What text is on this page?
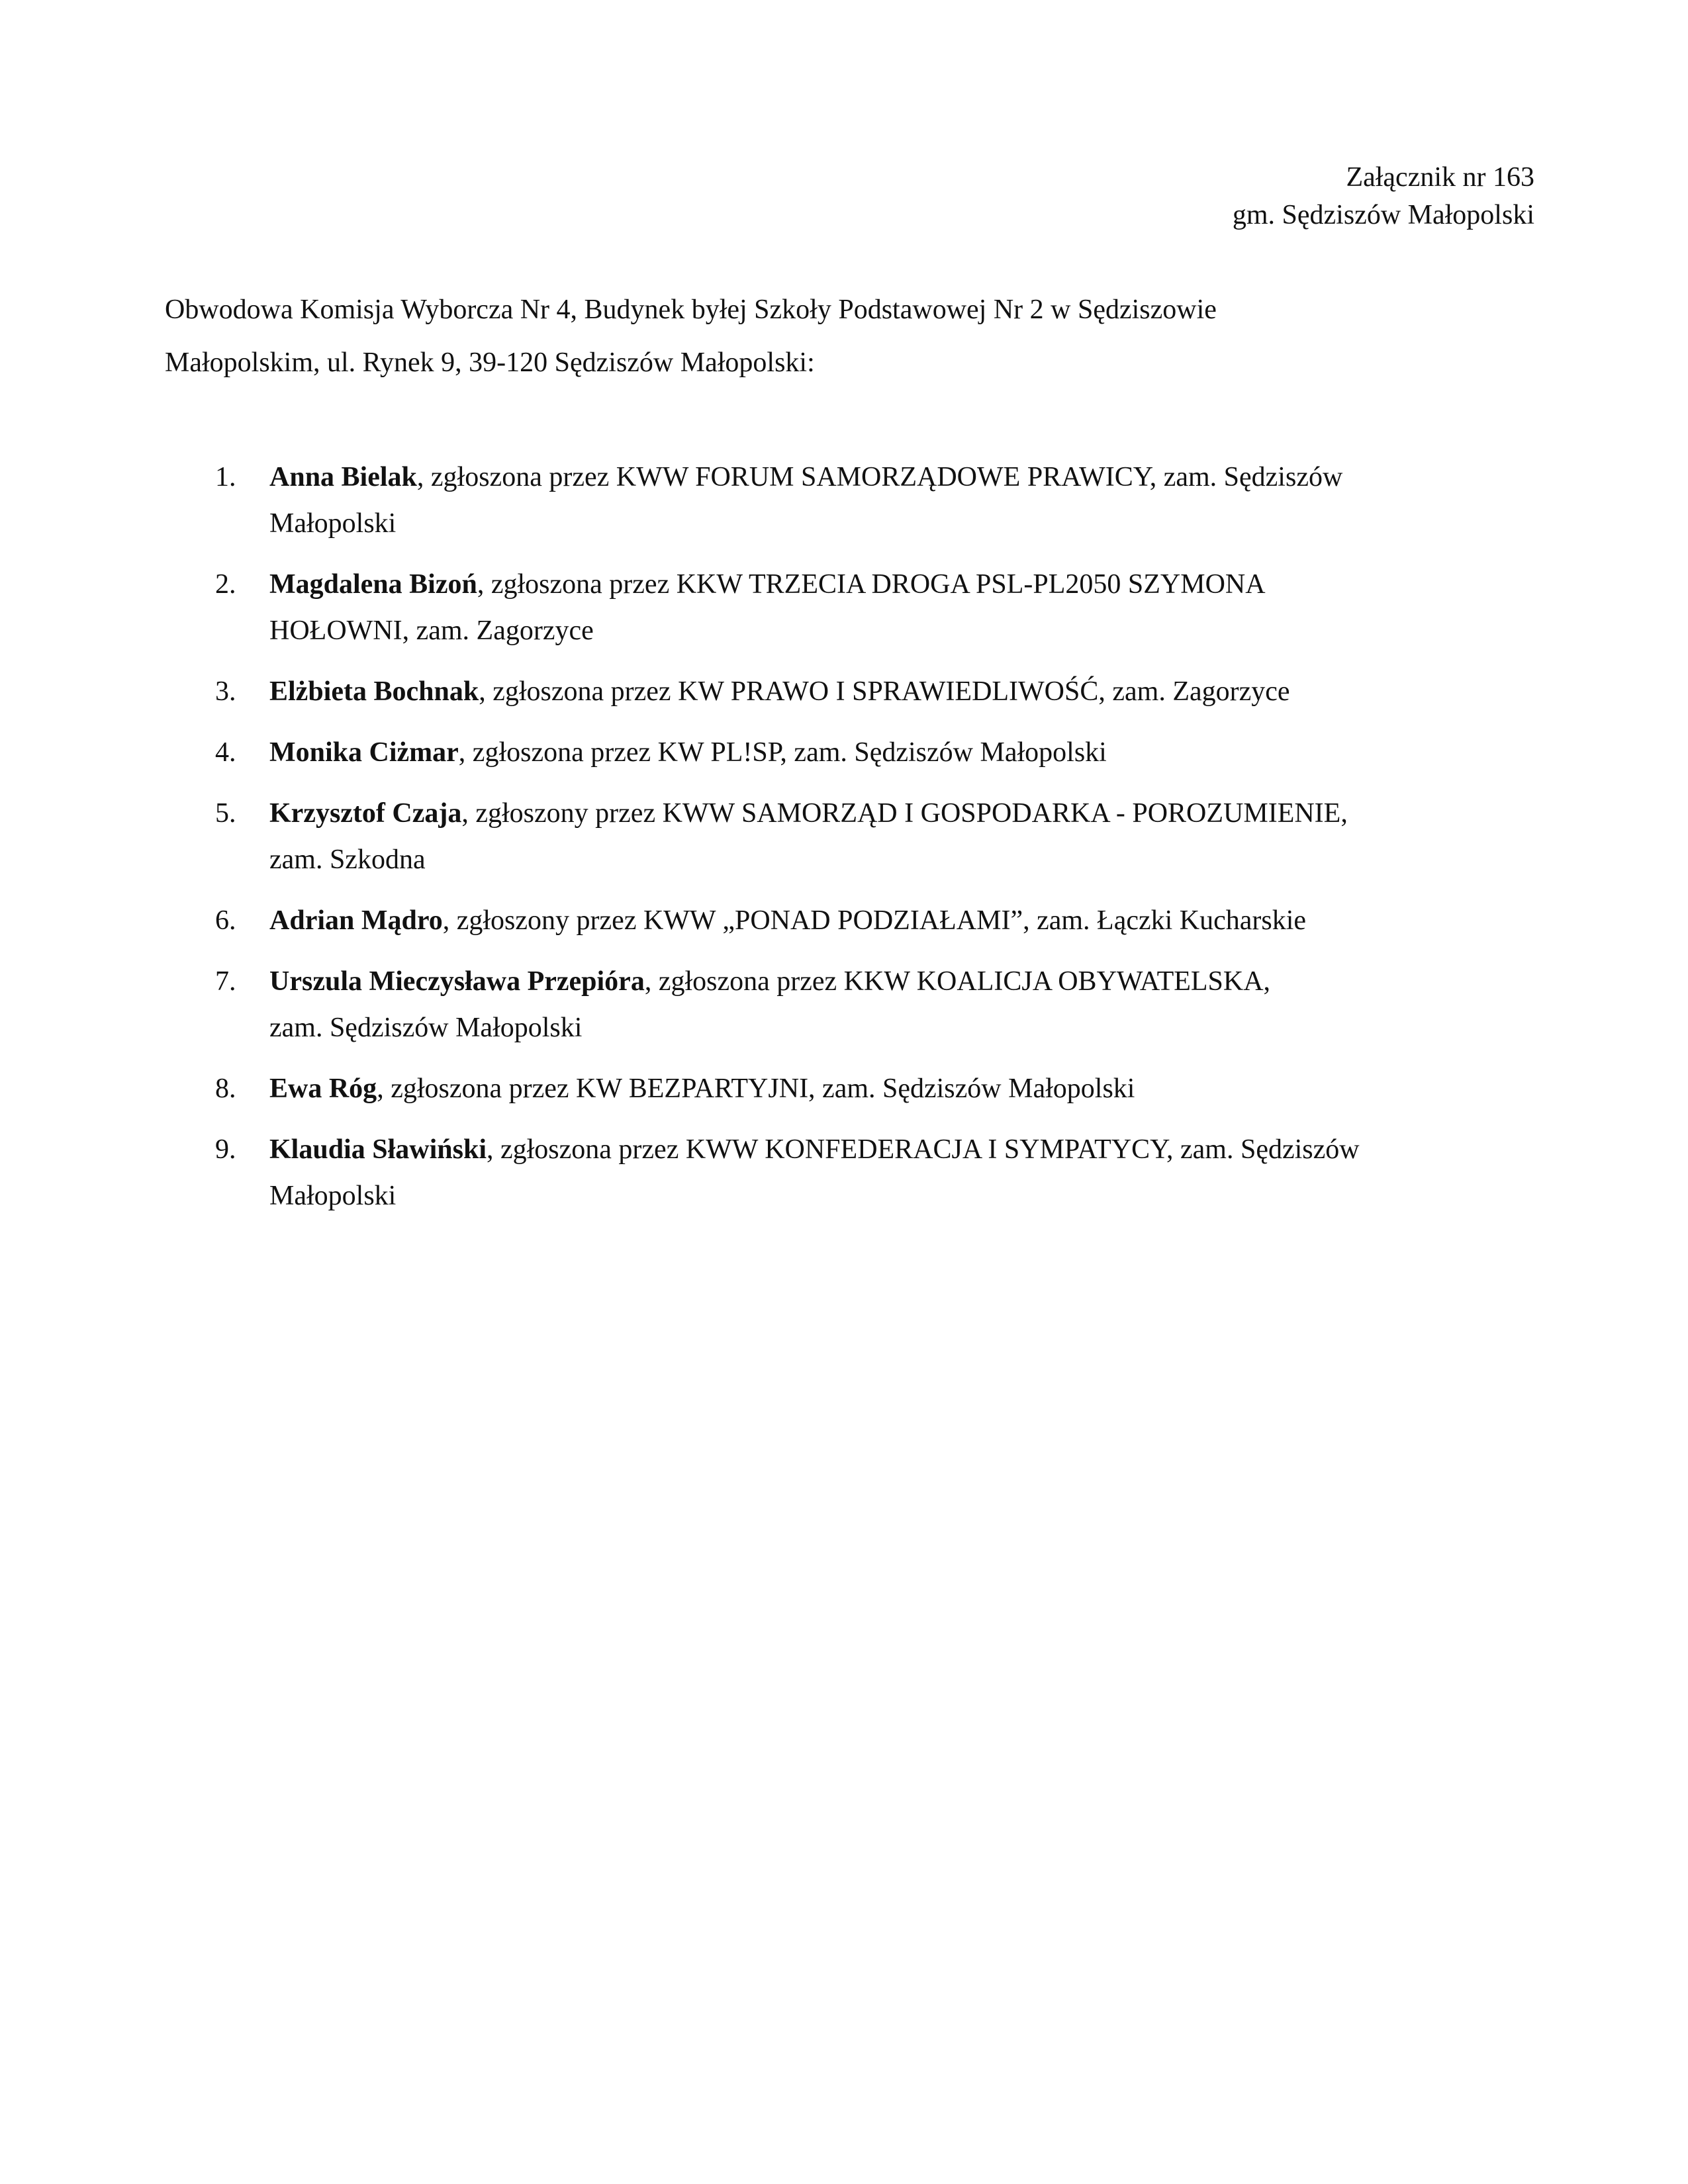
Załącznik nr 163
gm. Sędziszów Małopolski
Obwodowa Komisja Wyborcza Nr 4, Budynek byłej Szkoły Podstawowej Nr 2 w Sędziszowie
Małopolskim, ul. Rynek 9, 39-120 Sędziszów Małopolski:
1.	Anna Bielak, zgłoszona przez KWW FORUM SAMORZĄDOWE PRAWICY, zam. Sędziszów
Małopolski
2.	Magdalena Bizoń, zgłoszona przez KKW TRZECIA DROGA PSL-PL2050 SZYMONA
HOŁOWNI, zam. Zagorzyce
3.	Elżbieta Bochnak, zgłoszona przez KW PRAWO I SPRAWIEDLIWOŚĆ, zam. Zagorzyce
4.	Monika Ciżmar, zgłoszona przez KW PL!SP, zam. Sędziszów Małopolski
5.	Krzysztof Czaja, zgłoszony przez KWW SAMORZĄD I GOSPODARKA - POROZUMIENIE,
zam. Szkodna
6.	Adrian Mądro, zgłoszony przez KWW „PONAD PODZIAŁAMI”, zam. Łączki Kucharskie
7.	Urszula Mieczysława Przepióra, zgłoszona przez KKW KOALICJA OBYWATELSKA,
zam. Sędziszów Małopolski
8.	Ewa Róg, zgłoszona przez KW BEZPARTYJNI, zam. Sędziszów Małopolski
9.	Klaudia Sławiński, zgłoszona przez KWW KONFEDERACJA I SYMPATYCY, zam. Sędziszów
Małopolski
